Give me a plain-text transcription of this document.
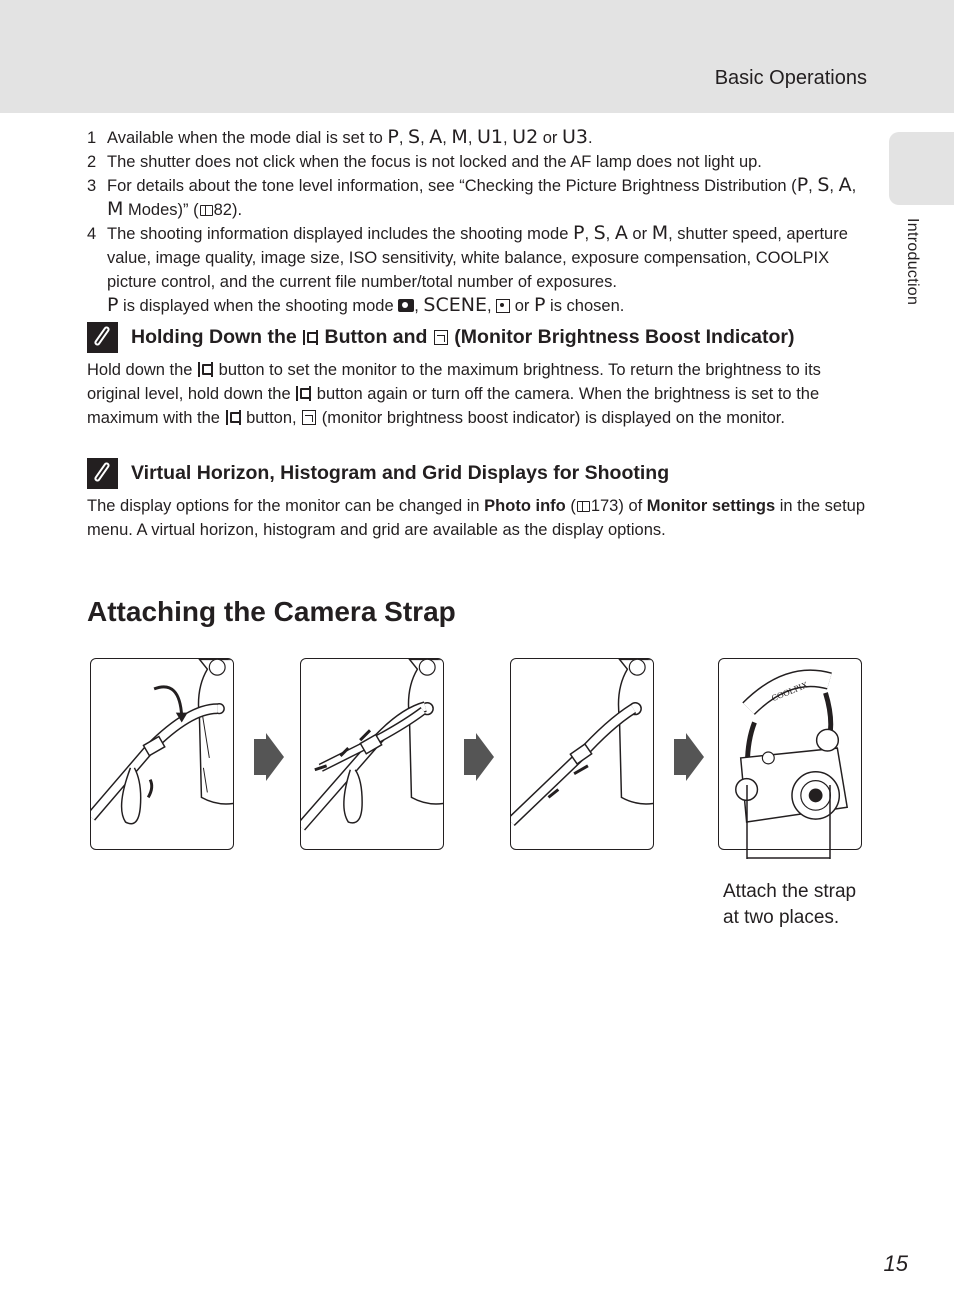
Basic Operations
Introduction
1 Available when the mode dial is set to P, S, A, M, U1, U2 or U3.
2 The shutter does not click when the focus is not locked and the AF lamp does not light up.
3 For details about the tone level information, see “Checking the Picture Brightness Distribution (P, S, A, M Modes)” ( 82).
4 The shooting information displayed includes the shooting mode P, S, A or M, shutter speed, aperture value, image quality, image size, ISO sensitivity, white balance, exposure compensation, COOLPIX picture control, and the current file number/total number of exposures.
P is displayed when the shooting mode , SCENE,  or P is chosen.
Holding Down the  Button and  (Monitor Brightness Boost Indicator)
Hold down the  button to set the monitor to the maximum brightness. To return the brightness to its original level, hold down the  button again or turn off the camera. When the brightness is set to the maximum with the  button,  (monitor brightness boost indicator) is displayed on the monitor.
Virtual Horizon, Histogram and Grid Displays for Shooting
The display options for the monitor can be changed in Photo info ( 173) of Monitor settings in the setup menu. A virtual horizon, histogram and grid are available as the display options.
Attaching the Camera Strap
COOLPIX
Attach the strap
at two places.
15
